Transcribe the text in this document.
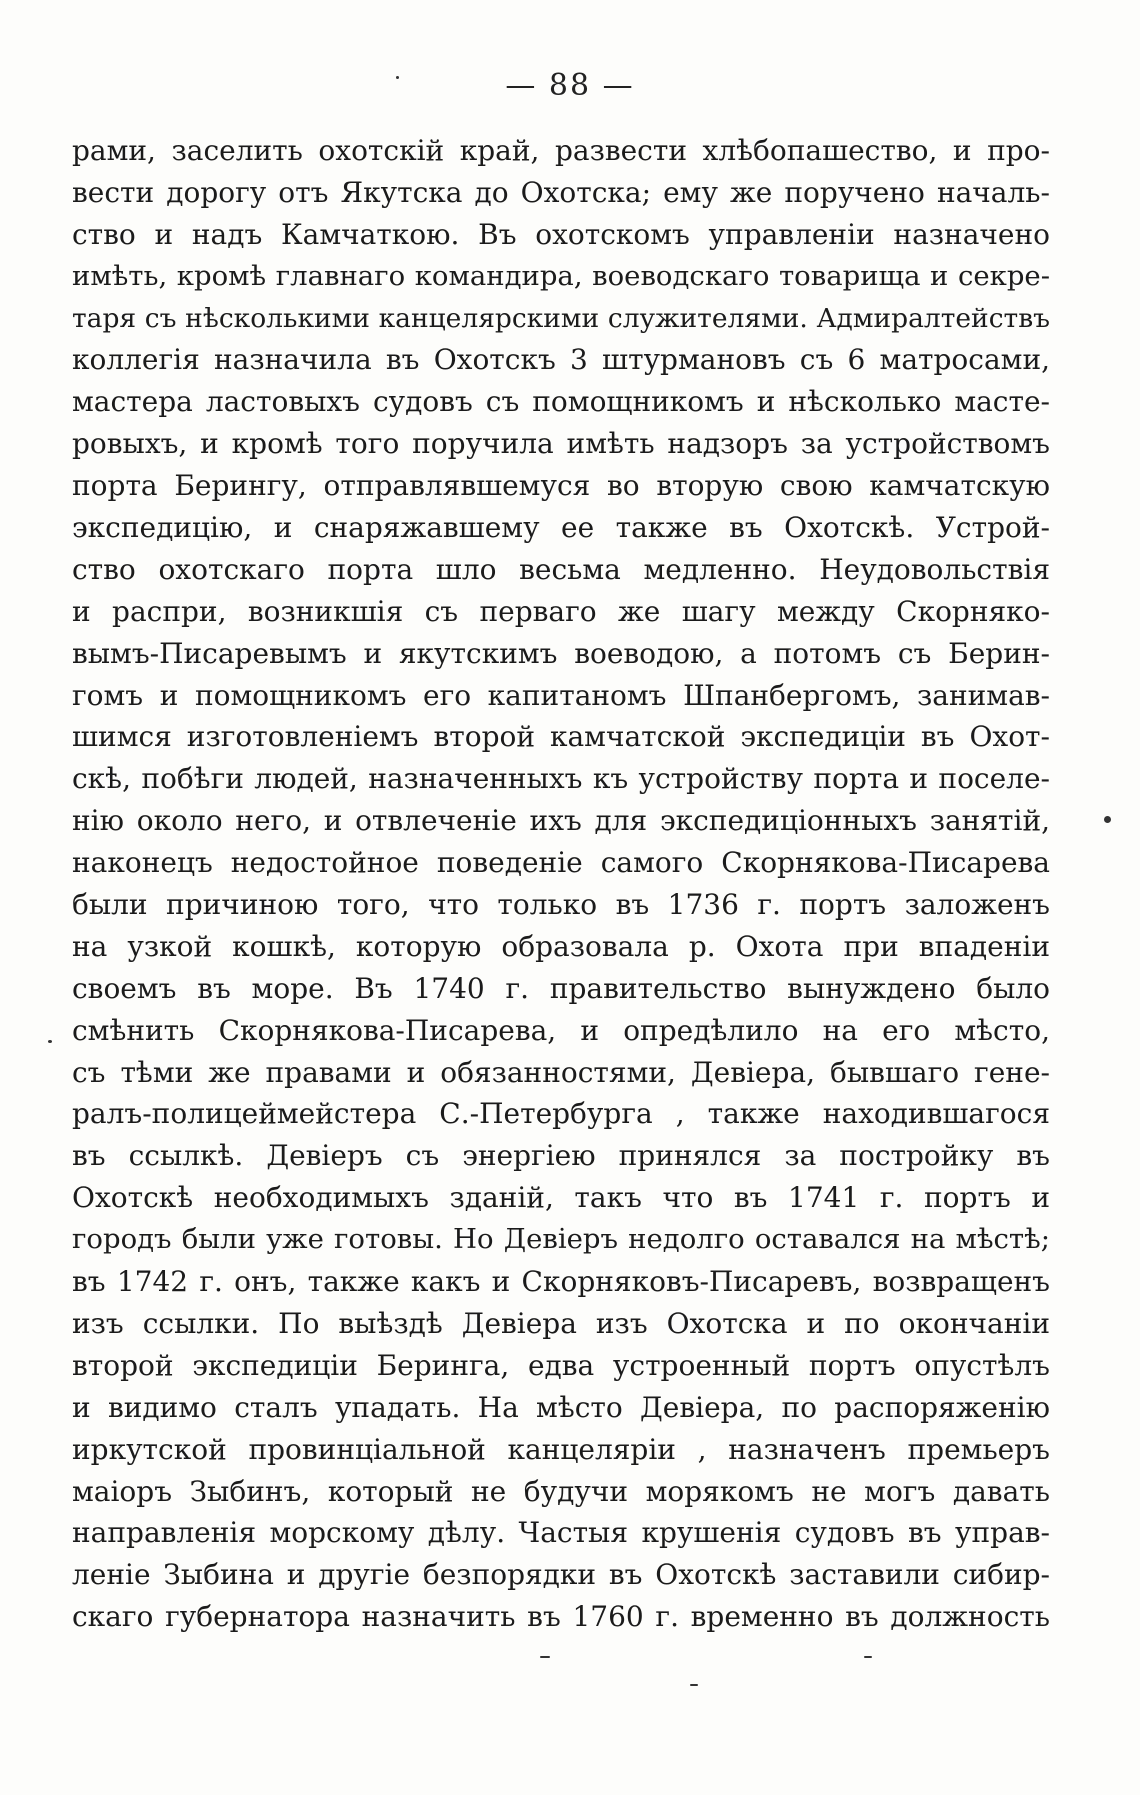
— 88 —
рами, заселить охотскій край, развести хлѣбопашество, и про-
вести дорогу отъ Якутска до Охотска; ему же поручено началь-
ство и надъ Камчаткою. Въ охотскомъ управленіи назначено
имѣть, кромѣ главнаго командира, воеводскаго товарища и секре-
таря съ нѣсколькими канцелярскими служителями. Адмиралтействъ
коллегія назначила въ Охотскъ 3 штурмановъ съ 6 матросами,
мастера ластовыхъ судовъ съ помощникомъ и нѣсколько масте-
ровыхъ, и кромѣ того поручила имѣть надзоръ за устройствомъ
порта Берингу, отправлявшемуся во вторую свою камчатскую
экспедицію, и снаряжавшему ее также въ Охотскѣ. Устрой-
ство охотскаго порта шло весьма медленно. Неудовольствія
и распри, возникшія съ перваго же шагу между Скорняко-
вымъ-Писаревымъ и якутскимъ воеводою, а потомъ съ Берин-
гомъ и помощникомъ его капитаномъ Шпанбергомъ, занимав-
шимся изготовленіемъ второй камчатской экспедиціи въ Охот-
скѣ, побѣги людей, назначенныхъ къ устройству порта и поселе-
нію около него, и отвлеченіе ихъ для экспедиціонныхъ занятій,
наконецъ недостойное поведеніе самого Скорнякова-Писарева
были причиною того, что только въ 1736 г. портъ заложенъ
на узкой кошкѣ, которую образовала р. Охота при впаденіи
своемъ въ море. Въ 1740 г. правительство вынуждено было
смѣнить Скорнякова-Писарева, и опредѣлило на его мѣсто,
съ тѣми же правами и обязанностями, Девіера, бывшаго гене-
ралъ-полицеймейстера С.-Петербурга , также находившагося
въ ссылкѣ. Девіеръ съ энергіею принялся за постройку въ
Охотскѣ необходимыхъ зданій, такъ что въ 1741 г. портъ и
городъ были уже готовы. Но Девіеръ недолго оставался на мѣстѣ;
въ 1742 г. онъ, также какъ и Скорняковъ-Писаревъ, возвращенъ
изъ ссылки. По выѣздѣ Девіера изъ Охотска и по окончаніи
второй экспедиціи Беринга, едва устроенный портъ опустѣлъ
и видимо сталъ упадать. На мѣсто Девіера, по распоряженію
иркутской провинціальной канцеляріи , назначенъ премьеръ
маіоръ Зыбинъ, который не будучи морякомъ не могъ давать
направленія морскому дѣлу. Частыя крушенія судовъ въ управ-
леніе Зыбина и другіе безпорядки въ Охотскѣ заставили сибир-
скаго губернатора назначить въ 1760 г. временно въ должность
